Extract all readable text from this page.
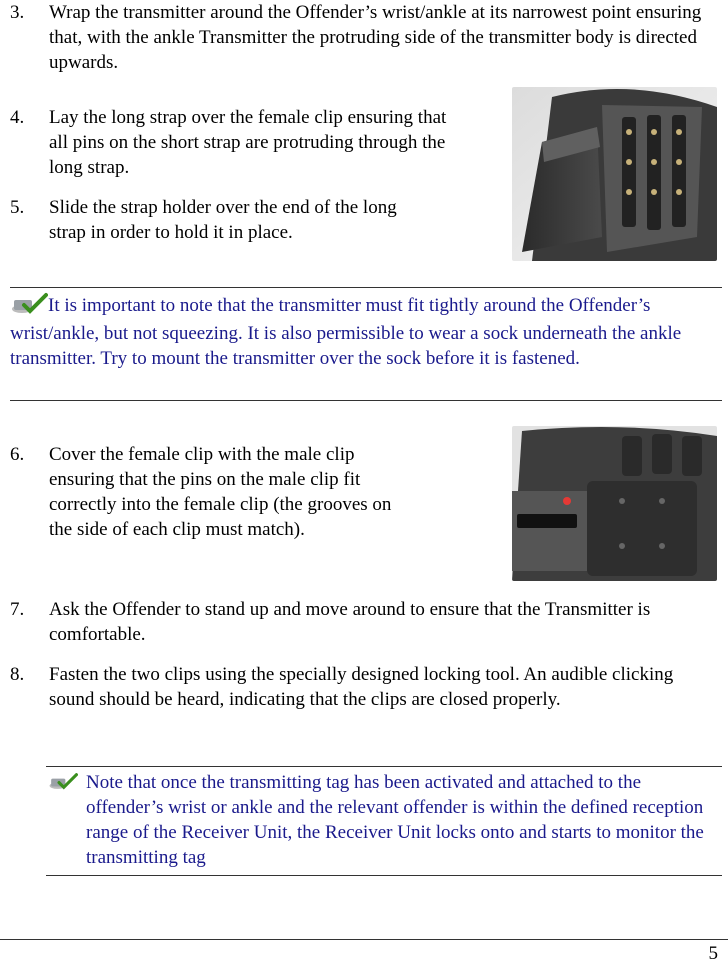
3.	Wrap the transmitter around the Offender’s wrist/ankle at its narrowest point ensuring that, with the ankle Transmitter the protruding side of the transmitter body is directed upwards.
4.	Lay the long strap over the female clip ensuring that all pins on the short strap are protruding through the long strap.
5.	Slide the strap holder over the end of the long strap in order to hold it in place.
It is important to note that the transmitter must fit tightly around the Offender’s wrist/ankle, but not squeezing. It is also permissible to wear a sock underneath the ankle transmitter. Try to mount the transmitter over the sock before it is fastened.
6.	Cover the female clip with the male clip ensuring that the pins on the male clip fit correctly into the female clip (the grooves on the side of each clip must match).
7.	Ask the Offender to stand up and move around to ensure that the Transmitter is comfortable.
8.	Fasten the two clips using the specially designed locking tool. An audible clicking sound should be heard, indicating that the clips are closed properly.
Note that once the transmitting tag has been activated and attached to the offender’s wrist or ankle and the relevant offender is within the defined reception range of the Receiver Unit, the Receiver Unit locks onto and starts to monitor the transmitting tag
5
